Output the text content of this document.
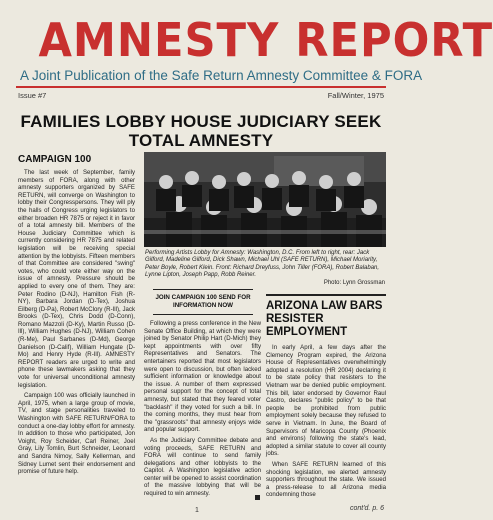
AMNESTY REPORT
A Joint Publication of the Safe Return Amnesty Committee & FORA
Issue #7	Fall/Winter, 1975
FAMILIES LOBBY HOUSE JUDICIARY SEEK TOTAL AMNESTY
CAMPAIGN 100

The last week of September, family members of FORA, along with other amnesty supporters organized by SAFE RETURN, will converge on Washington to lobby their Congresspersons. They will ply the halls of Congress urging legislators to either broaden HR 7875 or reject it in favor of a total amnesty bill. Members of the House Judiciary Committee which is currently considering HR 7875 and related legislation will be receiving special attention by the lobbyists. Fifteen members of that Committee are considered "swing" votes, who could vote either way on the issue of amnesty. Pressure should be applied to every one of them. They are: Peter Rodino (D-NJ), Hamilton Fish (R-NY), Barbara Jordan (D-Tex), Joshua Eilberg (D-Pa), Robert McClory (R-Ill), Jack Brooks (D-Tex), Chris Dodd (D-Conn), Romano Mazzoli (D-Ky), Martin Russo (D-Ill), William Hughes (D-NJ), William Cohen (R-Me), Paul Sarbanes (D-Md), George Danielson (D-Calif), William Hungate (D-Mo) and Henry Hyde (R-Ill). AMNESTY REPORT readers are urged to write and phone these lawmakers asking that they vote for universal unconditional amnesty legislation.

Campaign 100 was officially launched in April, 1975, when a large group of movie, TV, and stage personalities traveled to Washington with SAFE RETURN/FORA to conduct a one-day lobby effort for amnesty. In addition to those who participated, Jon Voight, Roy Scheider, Carl Reiner, Joel Gray, Lily Tomlin, Burt Schneider, Leonard and Sandra Nimoy, Sally Kellerman, and Sidney Lumet sent their endorsement and promise of future help.

Performing Artists Lobby for Amnesty: Washington, D.C. From left to right, rear: Jack Gilford, Madeline Gilford, Dick Shawn, Michael Uhl (SAFE RETURN), Michael Moriarity, Peter Boyle, Robert Klein. Front: Richard Dreyfuss, John Tiller (FORA), Robert Balaban, Lynne Lipton, Joseph Papp, Robb Reiner.
Photo: Lynn Grossman
JOIN CAMPAIGN 100 SEND FOR INFORMATION NOW

Following a press conference in the New Senate Office Building, at which they were joined by Senator Philip Hart (D-Mich) they kept appointments with over fifty Representatives and Senators. The entertainers reported that most legislators were open to discussion, but often lacked sufficient information or knowledge about the issue. A number of them expressed personal support for the concept of total amnesty, but stated that they feared voter "backlash" if they voted for such a bill. In the coming months, they must hear from the "grassroots" that amnesty enjoys wide and popular support.

As the Judiciary Committee debate and voting proceeds, SAFE RETURN and FORA will continue to send family delegations and other lobbyists to the Capitol. A Washington legislative action center will be opened to assist coordination of the massive lobbying that will be required to win amnesty.

ARIZONA LAW BARS RESISTER EMPLOYMENT

In early April, a few days after the Clemency Program expired, the Arizona House of Representatives overwhelmingly adopted a resolution (HR 2004) declaring it to be state policy that resisters to the Vietnam war be denied public employment. This bill, later endorsed by Governor Raul Castro, declares "public policy" to be that people be prohibited from public employment solely because they refused to serve in Vietnam. In June, the Board of Supervisors of Maricopa County (Phoenix and environs) following the state's lead, adopted a similar statute to cover all county jobs.

When SAFE RETURN learned of this shocking legislation, we alerted amnesty supporters throughout the state. We issued a press-release to all Arizona media condemning those

1	cont'd. p. 6
